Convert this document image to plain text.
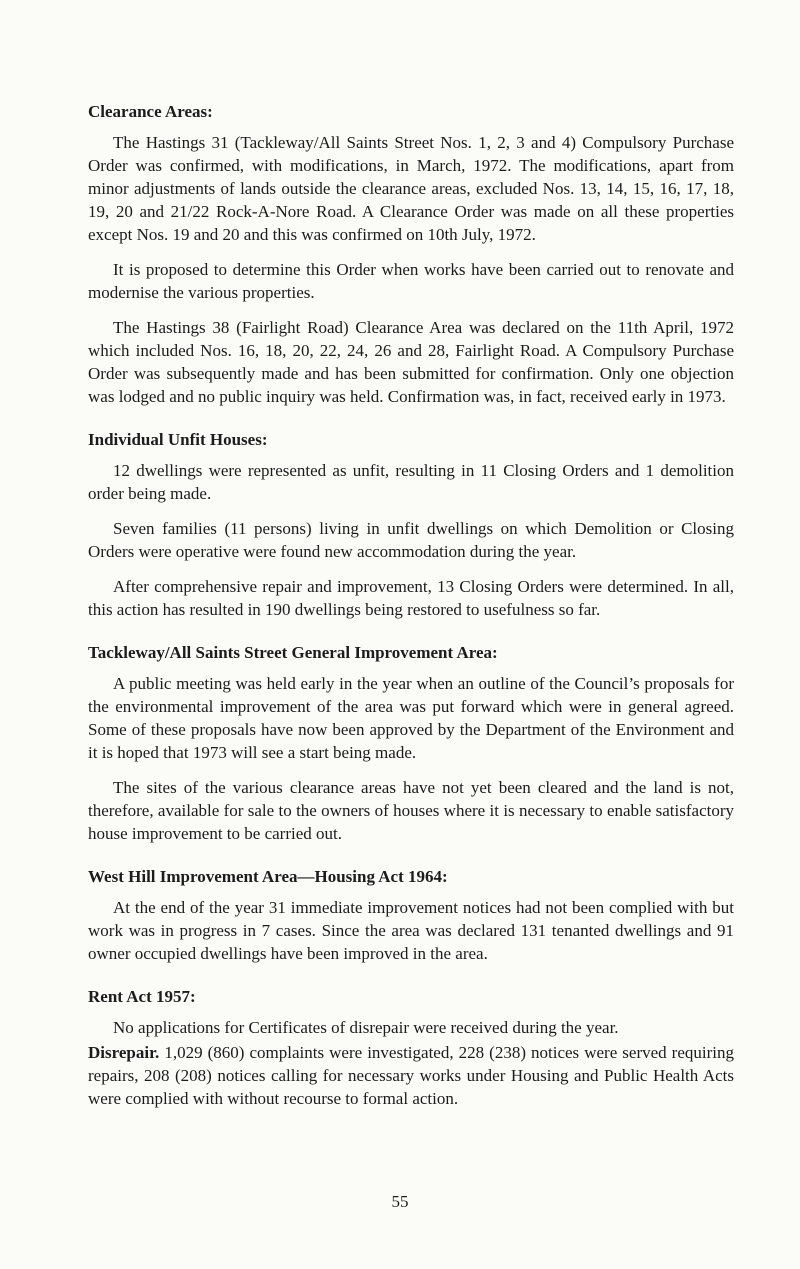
Clearance Areas:

The Hastings 31 (Tackleway/All Saints Street Nos. 1, 2, 3 and 4) Compulsory Purchase Order was confirmed, with modifications, in March, 1972. The modifications, apart from minor adjustments of lands outside the clearance areas, excluded Nos. 13, 14, 15, 16, 17, 18, 19, 20 and 21/22 Rock-A-Nore Road. A Clearance Order was made on all these properties except Nos. 19 and 20 and this was confirmed on 10th July, 1972.

It is proposed to determine this Order when works have been carried out to renovate and modernise the various properties.

The Hastings 38 (Fairlight Road) Clearance Area was declared on the 11th April, 1972 which included Nos. 16, 18, 20, 22, 24, 26 and 28, Fairlight Road. A Compulsory Purchase Order was subsequently made and has been submitted for confirmation. Only one objection was lodged and no public inquiry was held. Confirmation was, in fact, received early in 1973.

Individual Unfit Houses:

12 dwellings were represented as unfit, resulting in 11 Closing Orders and 1 demolition order being made.

Seven families (11 persons) living in unfit dwellings on which Demolition or Closing Orders were operative were found new accommodation during the year.

After comprehensive repair and improvement, 13 Closing Orders were determined. In all, this action has resulted in 190 dwellings being restored to usefulness so far.

Tackleway/All Saints Street General Improvement Area:

A public meeting was held early in the year when an outline of the Council’s proposals for the environmental improvement of the area was put forward which were in general agreed. Some of these proposals have now been approved by the Department of the Environment and it is hoped that 1973 will see a start being made.

The sites of the various clearance areas have not yet been cleared and the land is not, therefore, available for sale to the owners of houses where it is necessary to enable satisfactory house improvement to be carried out.

West Hill Improvement Area—Housing Act 1964:

At the end of the year 31 immediate improvement notices had not been complied with but work was in progress in 7 cases. Since the area was declared 131 tenanted dwellings and 91 owner occupied dwellings have been improved in the area.

Rent Act 1957:

No applications for Certificates of disrepair were received during the year.

Disrepair. 1,029 (860) complaints were investigated, 228 (238) notices were served requiring repairs, 208 (208) notices calling for necessary works under Housing and Public Health Acts were complied with without recourse to formal action.

55
